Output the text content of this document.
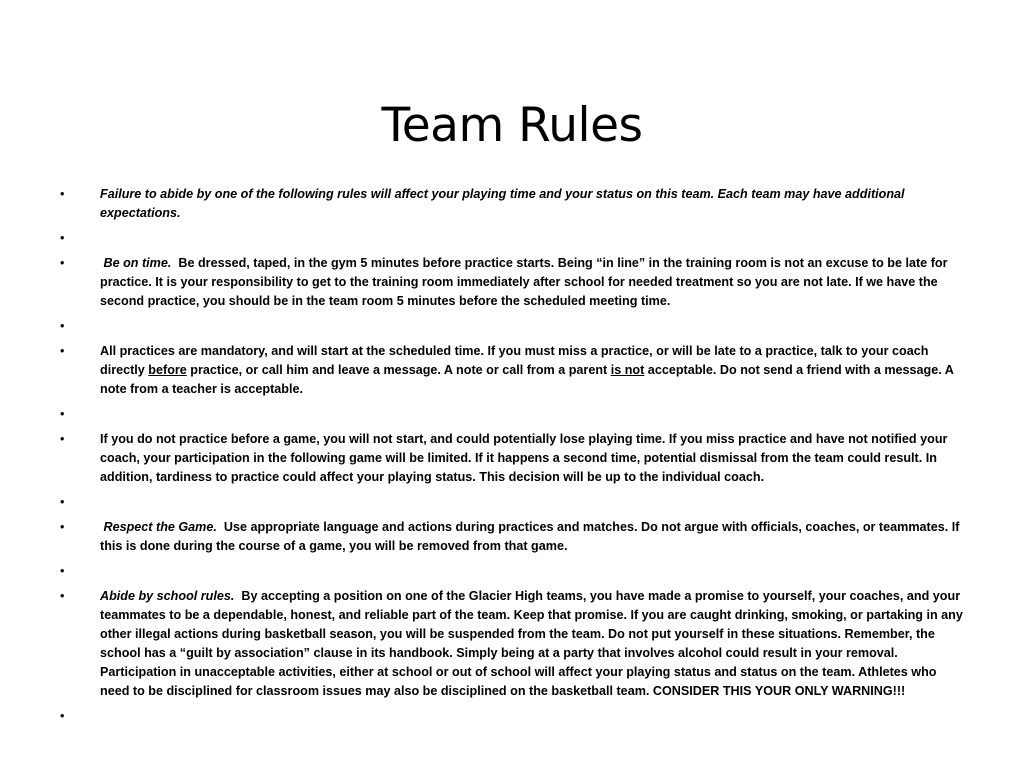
Team Rules
•	Failure to abide by one of the following rules will affect your playing time and your status on this team. Each team may have additional expectations.
•
•	Be on time. Be dressed, taped, in the gym 5 minutes before practice starts. Being “in line” in the training room is not an excuse to be late for practice. It is your responsibility to get to the training room immediately after school for needed treatment so you are not late. If we have the second practice, you should be in the team room 5 minutes before the scheduled meeting time.
•
•	All practices are mandatory, and will start at the scheduled time. If you must miss a practice, or will be late to a practice, talk to your coach directly before practice, or call him and leave a message. A note or call from a parent is not acceptable. Do not send a friend with a message. A note from a teacher is acceptable.
•
•	If you do not practice before a game, you will not start, and could potentially lose playing time. If you miss practice and have not notified your coach, your participation in the following game will be limited. If it happens a second time, potential dismissal from the team could result. In addition, tardiness to practice could affect your playing status. This decision will be up to the individual coach.
•
•	Respect the Game. Use appropriate language and actions during practices and matches. Do not argue with officials, coaches, or teammates. If this is done during the course of a game, you will be removed from that game.
•
•	Abide by school rules. By accepting a position on one of the Glacier High teams, you have made a promise to yourself, your coaches, and your teammates to be a dependable, honest, and reliable part of the team. Keep that promise. If you are caught drinking, smoking, or partaking in any other illegal actions during basketball season, you will be suspended from the team. Do not put yourself in these situations. Remember, the school has a “guilt by association” clause in its handbook. Simply being at a party that involves alcohol could result in your removal. Participation in unacceptable activities, either at school or out of school will affect your playing status and status on the team. Athletes who need to be disciplined for classroom issues may also be disciplined on the basketball team. CONSIDER THIS YOUR ONLY WARNING!!!
•
